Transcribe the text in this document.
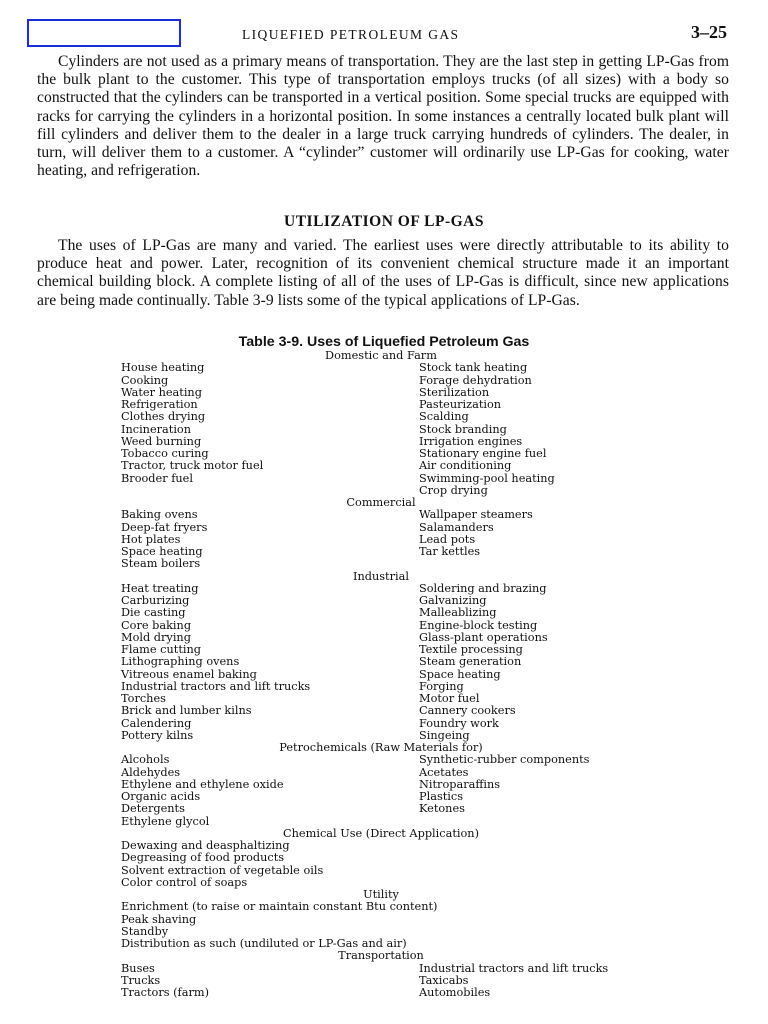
LIQUEFIED PETROLEUM GAS	3–25

Cylinders are not used as a primary means of transportation. They are the last step in getting LP-Gas from the bulk plant to the customer. This type of transportation employs trucks (of all sizes) with a body so constructed that the cylinders can be transported in a vertical position. Some special trucks are equipped with racks for carrying the cylinders in a horizontal position. In some instances a centrally located bulk plant will fill cylinders and deliver them to the dealer in a large truck carrying hundreds of cylinders. The dealer, in turn, will deliver them to a customer. A “cylinder” customer will ordinarily use LP-Gas for cooking, water heating, and refrigeration.

UTILIZATION OF LP-GAS

The uses of LP-Gas are many and varied. The earliest uses were directly attributable to its ability to produce heat and power. Later, recognition of its convenient chemical structure made it an important chemical building block. A complete listing of all of the uses of LP-Gas is difficult, since new applications are being made continually. Table 3-9 lists some of the typical applications of LP-Gas.

Table 3-9. Uses of Liquefied Petroleum Gas
Domestic and Farm
House heating
Cooking
Water heating
Refrigeration
Clothes drying
Incineration
Weed burning
Tobacco curing
Tractor, truck motor fuel
Brooder fuel
Stock tank heating
Forage dehydration
Sterilization
Pasteurization
Scalding
Stock branding
Irrigation engines
Stationary engine fuel
Air conditioning
Swimming-pool heating
Crop drying
Commercial
Baking ovens
Deep-fat fryers
Hot plates
Space heating
Steam boilers
Wallpaper steamers
Salamanders
Lead pots
Tar kettles
Industrial
Heat treating
Carburizing
Die casting
Core baking
Mold drying
Flame cutting
Lithographing ovens
Vitreous enamel baking
Industrial tractors and lift trucks
Torches
Brick and lumber kilns
Calendering
Pottery kilns
Soldering and brazing
Galvanizing
Malleablizing
Engine-block testing
Glass-plant operations
Textile processing
Steam generation
Space heating
Forging
Motor fuel
Cannery cookers
Foundry work
Singeing
Petrochemicals (Raw Materials for)
Alcohols
Aldehydes
Ethylene and ethylene oxide
Organic acids
Detergents
Ethylene glycol
Synthetic-rubber components
Acetates
Nitroparaffins
Plastics
Ketones
Chemical Use (Direct Application)
Dewaxing and deasphaltizing
Degreasing of food products
Solvent extraction of vegetable oils
Color control of soaps
Utility
Enrichment (to raise or maintain constant Btu content)
Peak shaving
Standby
Distribution as such (undiluted or LP-Gas and air)
Transportation
Buses
Trucks
Tractors (farm)
Industrial tractors and lift trucks
Taxicabs
Automobiles
